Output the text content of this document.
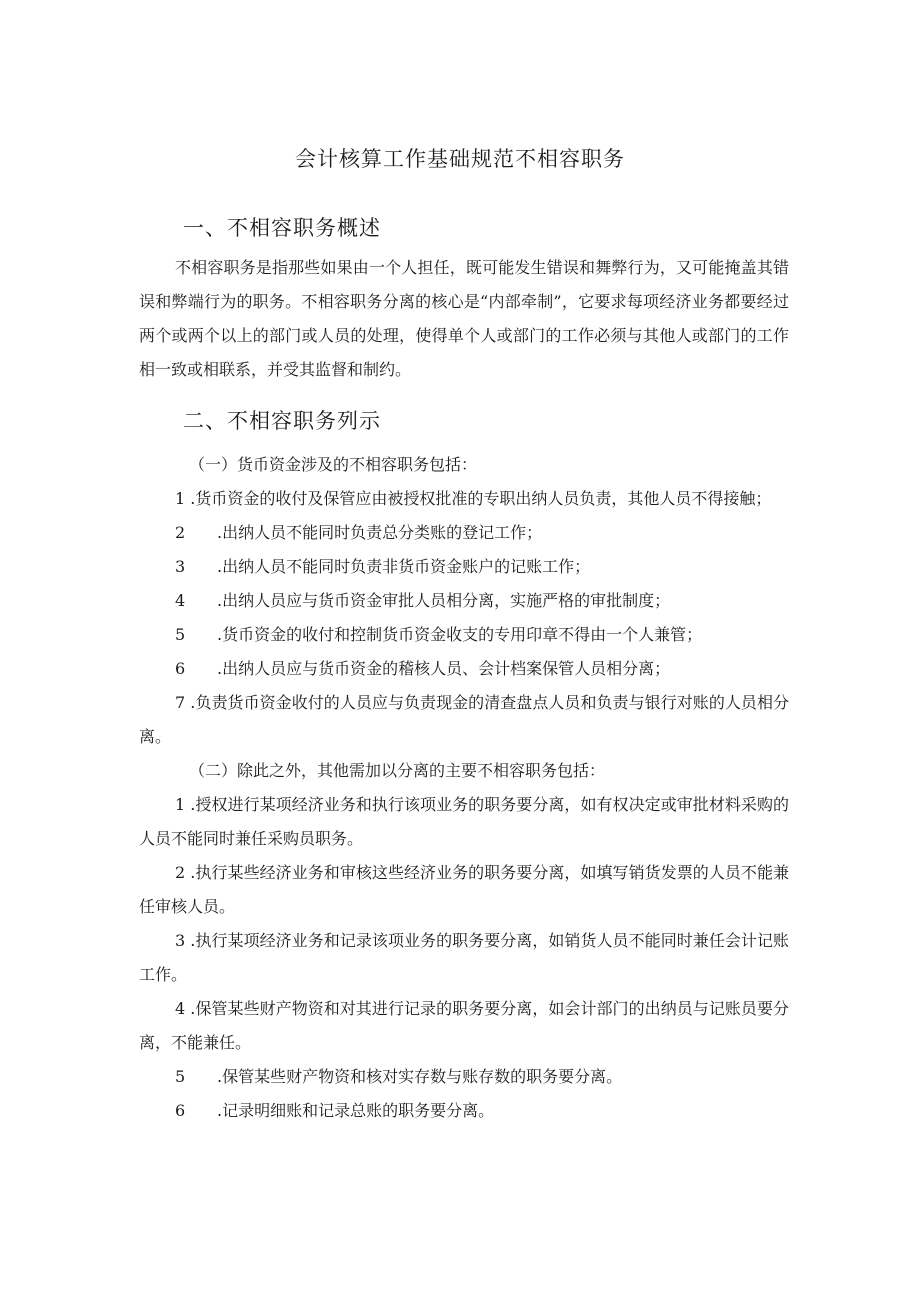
会计核算工作基础规范不相容职务
一、不相容职务概述

不相容职务是指那些如果由一个人担任，既可能发生错误和舞弊行为，又可能掩盖其错误和弊端行为的职务。不相容职务分离的核心是“内部牵制”，它要求每项经济业务都要经过两个或两个以上的部门或人员的处理，使得单个人或部门的工作必须与其他人或部门的工作相一致或相联系，并受其监督和制约。

二、不相容职务列示

（一）货币资金涉及的不相容职务包括：

1 .货币资金的收付及保管应由被授权批准的专职出纳人员负责，其他人员不得接触；

2 .出纳人员不能同时负责总分类账的登记工作；

3 .出纳人员不能同时负责非货币资金账户的记账工作；

4 .出纳人员应与货币资金审批人员相分离，实施严格的审批制度；

5 .货币资金的收付和控制货币资金收支的专用印章不得由一个人兼管；

6 .出纳人员应与货币资金的稽核人员、会计档案保管人员相分离；

7 .负责货币资金收付的人员应与负责现金的清查盘点人员和负责与银行对账的人员相分离。

（二）除此之外，其他需加以分离的主要不相容职务包括：

1 .授权进行某项经济业务和执行该项业务的职务要分离，如有权决定或审批材料采购的人员不能同时兼任采购员职务。

2 .执行某些经济业务和审核这些经济业务的职务要分离，如填写销货发票的人员不能兼任审核人员。

3 .执行某项经济业务和记录该项业务的职务要分离，如销货人员不能同时兼任会计记账工作。

4 .保管某些财产物资和对其进行记录的职务要分离，如会计部门的出纳员与记账员要分离，不能兼任。

5 .保管某些财产物资和核对实存数与账存数的职务要分离。

6 .记录明细账和记录总账的职务要分离。
